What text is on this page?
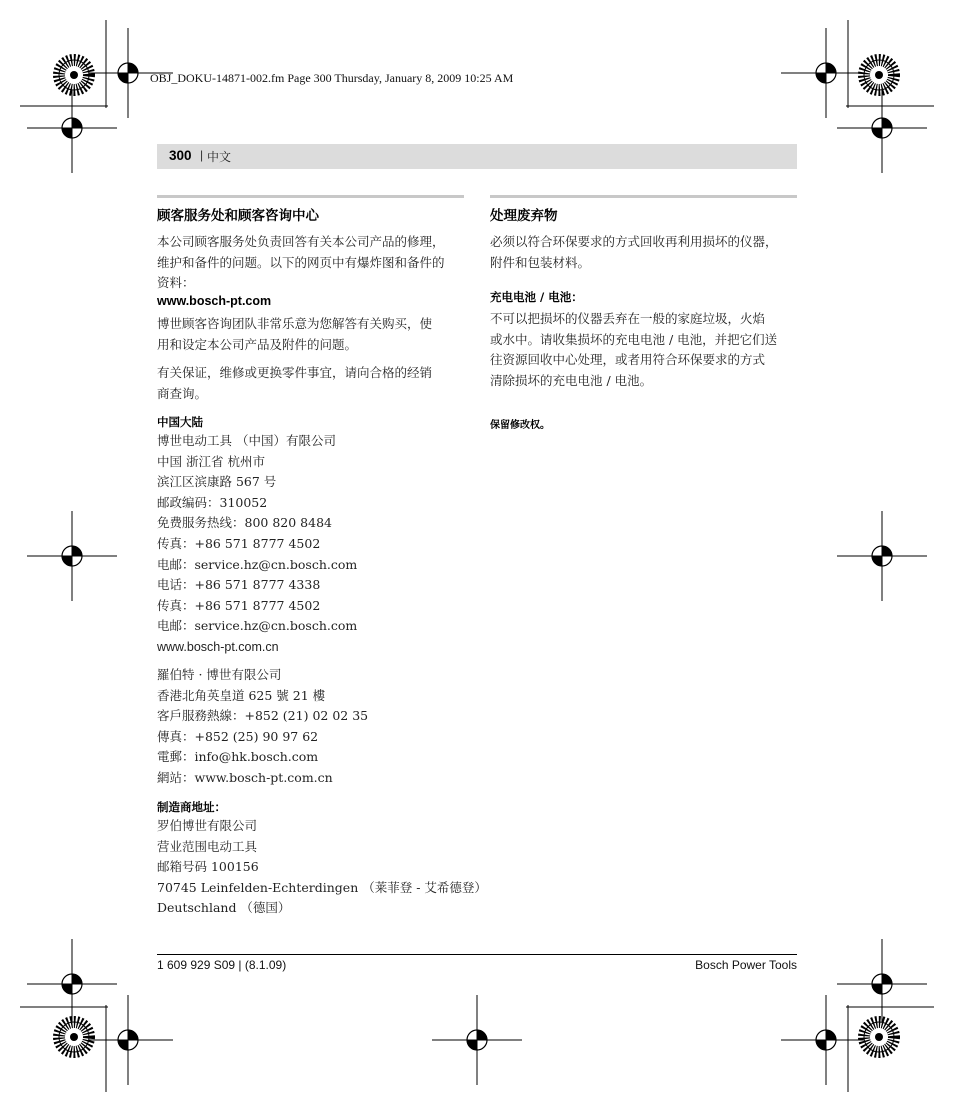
OBJ_DOKU-14871-002.fm Page 300 Thursday, January 8, 2009 10:25 AM
300 | 中文
顾客服务处和顾客咨询中心

本公司顾客服务处负责回答有关本公司产品的修理，

维护和备件的问题。以下的网页中有爆炸图和备件的

资料：

www.bosch-pt.com

博世顾客咨询团队非常乐意为您解答有关购买，使

用和设定本公司产品及附件的问题。

有关保证，维修或更换零件事宜，请向合格的经销

商查询。

中国大陆
博世电动工具 （中国）有限公司
中国 浙江省 杭州市
滨江区滨康路 567 号
邮政编码：310052
免费服务热线：800 820 8484
传真：+86 571 8777 4502
电邮：service.hz@cn.bosch.com
电话：+86 571 8777 4338
传真：+86 571 8777 4502
电邮：service.hz@cn.bosch.com
www.bosch-pt.com.cn
羅伯特 · 博世有限公司
香港北角英皇道 625 號 21 樓
客戶服務熱線：+852 (21) 02 02 35
傳真：+852 (25) 90 97 62
電郵：info@hk.bosch.com
網站：www.bosch-pt.com.cn
制造商地址：
罗伯博世有限公司
营业范围电动工具
邮箱号码 100156
70745 Leinfelden-Echterdingen （莱菲登 - 艾希德登）
Deutschland （德国）
处理废弃物

必须以符合环保要求的方式回收再利用损坏的仪器，

附件和包装材料。

充电电池 / 电池：

不可以把损坏的仪器丢弃在一般的家庭垃圾，火焰

或水中。请收集损坏的充电电池 / 电池，并把它们送

往资源回收中心处理，或者用符合环保要求的方式

清除损坏的充电电池 / 电池。

保留修改权。
1 609 929 S09 | (8.1.09)	Bosch Power Tools
